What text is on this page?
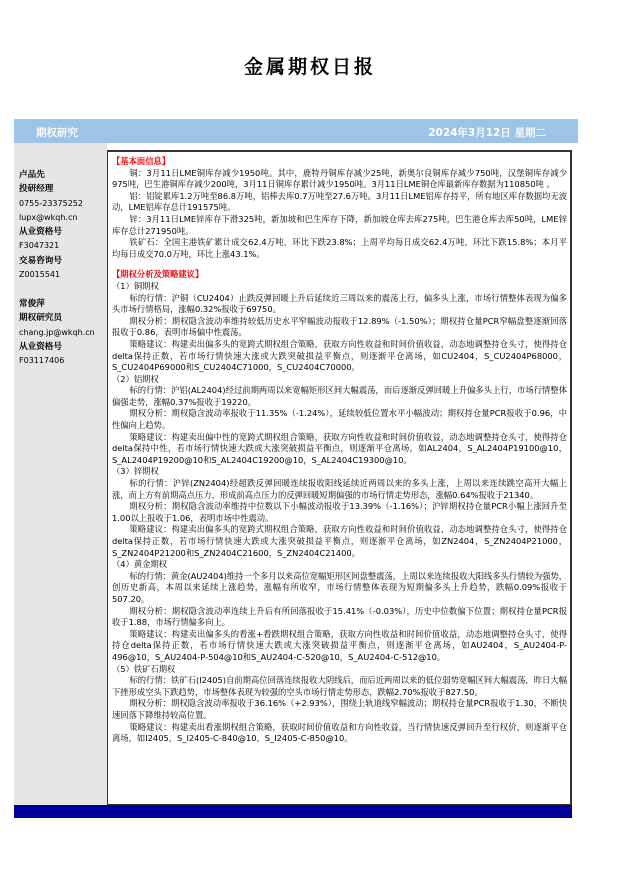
金属期权日报
期权研究	2024年3月12日 星期二
卢品先
投研经理
0755-23375252
lupx@wkqh.cn
从业资格号
F3047321
交易咨询号
Z0015541
常俊萍
期权研究员
chang.jp@wkqh.cn
从业资格号
F03117406

【基本面信息】

铜：3月11日LME铜库存减少1950吨。其中，鹿特丹铜库存减少25吨，新奥尔良铜库存减少750吨，汉堡铜库存减少975吨，巴生港铜库存减少200吨，3月11日铜库存累计减少1950吨。3月11日LME铜仓库最新库存数据为110850吨 。

铝：铝锭累库1.2万吨至86.8万吨，铝棒去库0.7万吨至27.6万吨。3月11日LME铝库存持平，所有地区库存数据均无波动，LME铝库存总计191575吨。

锌：3月11日LME锌库存下滑325吨，新加坡和巴生库存下降，新加坡仓库去库275吨，巴生港仓库去库50吨，LME锌库存总计271950吨。

铁矿石：全国主港铁矿累计成交62.4万吨，环比下跌23.8%；上周平均每日成交62.4万吨，环比下跌15.8%；本月平均每日成交70.0万吨，环比上涨43.1%。

【期权分析及策略建议】

（1）铜期权

标的行情：沪铜（CU2404）止跌反弹回暖上升后延续近三周以来的震荡上行，偏多头上涨，市场行情整体表现为偏多头市场行情格局，涨幅0.32%报收于69750。

期权分析：期权隐含波动率维持较低历史水平窄幅波动报收于12.89%（-1.50%）；期权持仓量PCR窄幅盘整逐渐回落报收于0.86，表明市场偏中性震荡。

策略建议：构建卖出偏多头的宽跨式期权组合策略，获取方向性收益和时间价值收益，动态地调整持仓头寸，使得持仓delta保持正数，若市场行情快速大涨或大跌突破损益平衡点，则逐渐平仓离场，如CU2404，S_CU2404P68000，S_CU2404P69000和S_CU2404C71000，S_CU2404C70000。

（2）铝期权

标的行情：沪铝(AL2404)经过前期两周以来宽幅矩形区间大幅震荡，而后逐渐反弹回暖上升偏多头上行，市场行情整体偏强走势，涨幅0.37%报收于19220。

期权分析：期权隐含波动率报收于11.35%（-1.24%），延续较低位置水平小幅波动；期权持仓量PCR报收于0.96，中性偏向上趋势。

策略建议：构建卖出偏中性的宽跨式期权组合策略，获取方向性收益和时间价值收益，动态地调整持仓头寸，使得持仓delta保持中性，若市场行情快速大跌或大涨突破损益平衡点，则逐渐平仓离场，如AL2404，S_AL2404P19100@10，S_AL2404P19200@10和S_AL2404C19200@10，S_AL2404C19300@10。

（3）锌期权

标的行情：沪锌(ZN2404)经超跌反弹回暖连续报收阳线延续近两周以来的多头上涨，上周以来连续跳空高开大幅上涨，而上方有前期高点压力，形成前高点压力的反弹回暖短期偏强的市场行情走势形态，涨幅0.64%报收于21340。

期权分析：期权隐含波动率维持中位数以下小幅波动报收于13.39%（-1.16%）；沪锌期权持仓量PCR小幅上涨回升至1.00以上报收于1.06，表明市场中性震动。

策略建议：构建卖出偏多头的宽跨式期权组合策略，获取方向性收益和时间价值收益，动态地调整持仓头寸，使得持仓delta保持正数，若市场行情快速大跌或大涨突破损益平衡点，则逐渐平仓离场，如ZN2404，S_ZN2404P21000，S_ZN2404P21200和S_ZN2404C21600，S_ZN2404C21400。

（4）黄金期权

标的行情：黄金(AU2404)维持一个多月以来高位宽幅矩形区间盘整震荡，上周以来连续报收大阳线多头行情较为强势，创历史新高，本周以来延续上涨趋势，涨幅有所收窄，市场行情整体表现为短期偏多头上升趋势，跌幅0.09%报收于507.20。

期权分析：期权隐含波动率连续上升后有所回落报收于15.41%（-0.03%），历史中位数偏下位置；期权持仓量PCR报收于1.88，市场行情偏多向上。

策略建议：构建卖出偏多头的看涨+看跌期权组合策略，获取方向性收益和时间价值收益，动态地调整持仓头寸，使得持仓delta保持正数，若市场行情快速大跌或大涨突破损益平衡点，则逐渐平仓离场，如AU2404，S_AU2404-P-496@10，S_AU2404-P-504@10和S_AU2404-C-520@10，S_AU2404-C-512@10。

（5）铁矿石期权

标的行情：铁矿石(I2405)自前期高位回落连续报收大阴线后，而后近两周以来的低位弱势宽幅区间大幅震荡，昨日大幅下挫形成空头下跌趋势，市场整体表现为较强的空头市场行情走势形态，跌幅2.70%报收于827.50。

期权分析：期权隐含波动率报收于36.16%（+2.93%），围绕上轨道线窄幅波动；期权持仓量PCR报收于1.30，不断快速回落下降维持较高位置。

策略建议：构建卖出看涨期权组合策略，获取时间价值收益和方向性收益，当行情快速反弹回升至行权价，则逐渐平仓离场，如I2405，S_I2405-C-840@10，S_I2405-C-850@10。
